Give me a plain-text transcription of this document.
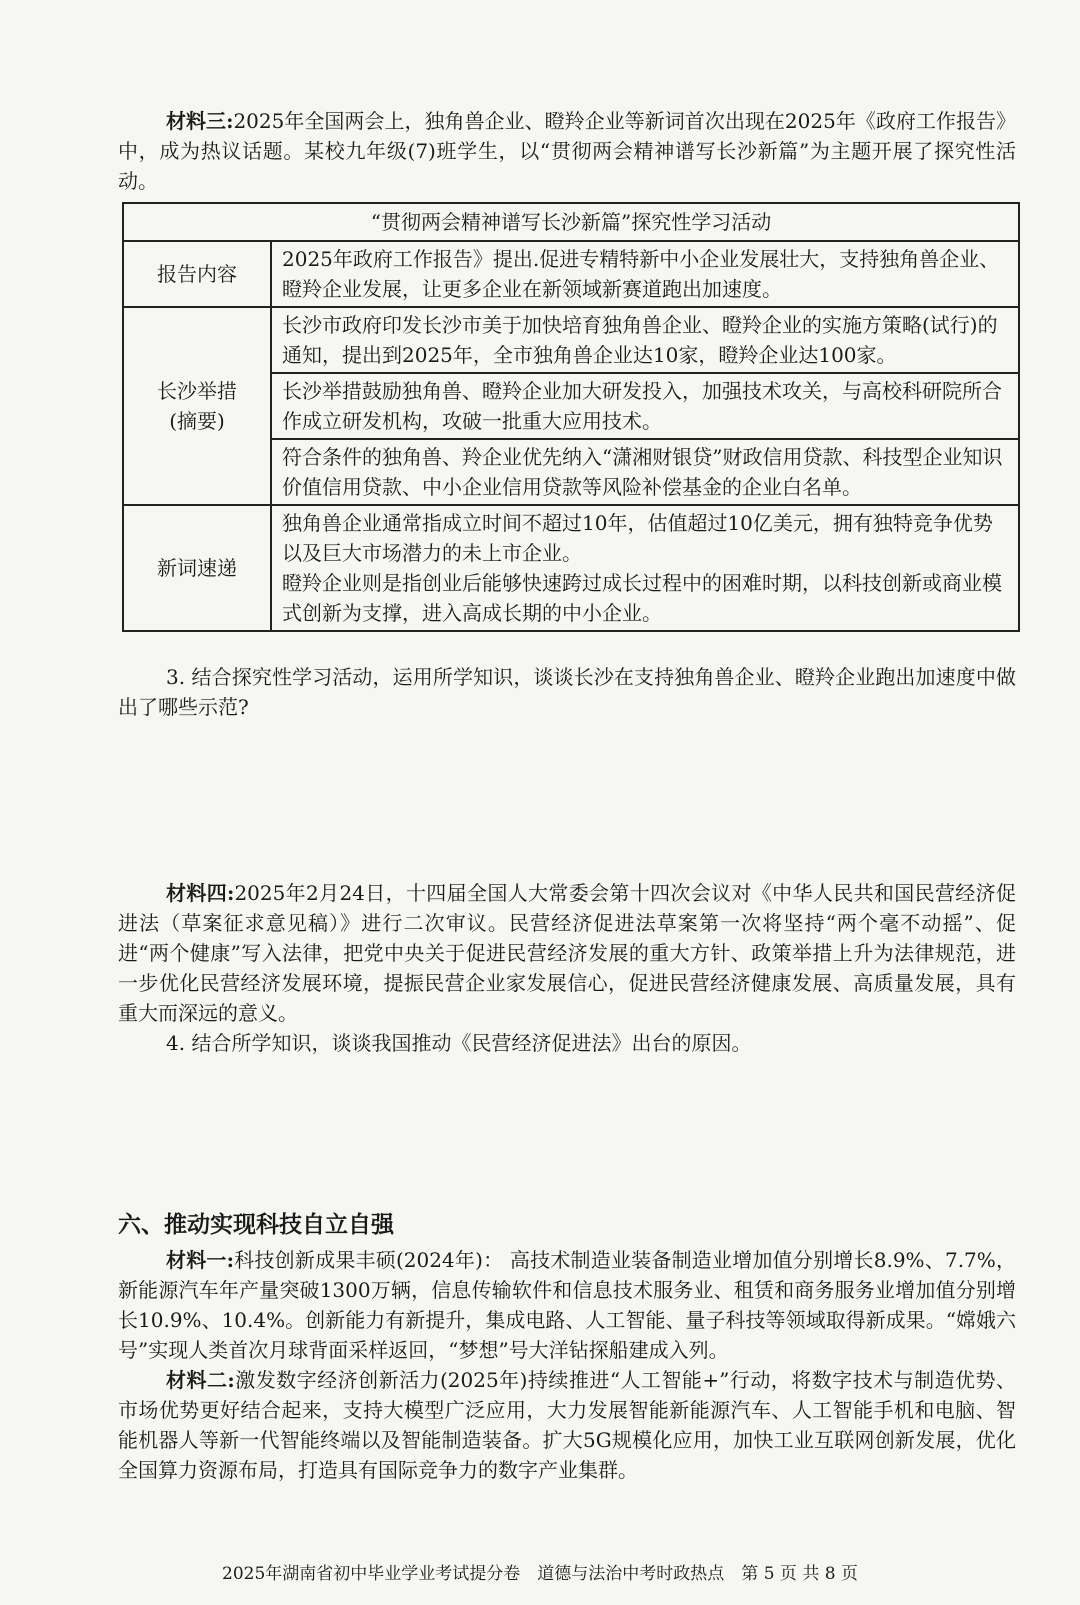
材料三:2025年全国两会上，独角兽企业、瞪羚企业等新词首次出现在2025年《政府工作报告》中，成为热议话题。某校九年级(7)班学生，以“贯彻两会精神谱写长沙新篇”为主题开展了探究性活动。

“贯彻两会精神谱写长沙新篇”探究性学习活动	
报告内容	2025年政府工作报告》提出.促进专精特新中小企业发展壮大，支持独角兽企业、瞪羚企业发展，让更多企业在新领域新赛道跑出加速度。
长沙举措
(摘要)	长沙市政府印发长沙市美于加快培育独角兽企业、瞪羚企业的实施方策略(试行)的通知，提出到2025年，全市独角兽企业达10家，瞪羚企业达100家。
	长沙举措鼓励独角兽、瞪羚企业加大研发投入，加强技术攻关，与高校科研院所合作成立研发机构，攻破一批重大应用技术。
	符合条件的独角兽、羚企业优先纳入“潇湘财银贷”财政信用贷款、科技型企业知识价值信用贷款、中小企业信用贷款等风险补偿基金的企业白名单。
新词速递	独角兽企业通常指成立时间不超过10年，估值超过10亿美元，拥有独特竞争优势以及巨大市场潜力的未上市企业。
瞪羚企业则是指创业后能够快速跨过成长过程中的困难时期，以科技创新或商业模式创新为支撑，进入高成长期的中小企业。

3. 结合探究性学习活动，运用所学知识，谈谈长沙在支持独角兽企业、瞪羚企业跑出加速度中做出了哪些示范?

材料四:2025年2月24日，十四届全国人大常委会第十四次会议对《中华人民共和国民营经济促进法（草案征求意见稿）》进行二次审议。民营经济促进法草案第一次将坚持“两个毫不动摇”、促进“两个健康”写入法律，把党中央关于促进民营经济发展的重大方针、政策举措上升为法律规范，进一步优化民营经济发展环境，提振民营企业家发展信心，促进民营经济健康发展、高质量发展，具有重大而深远的意义。

4. 结合所学知识，谈谈我国推动《民营经济促进法》出台的原因。

六、推动实现科技自立自强

材料一:科技创新成果丰硕(2024年)： 高技术制造业装备制造业增加值分别增长8.9%、7.7%，新能源汽车年产量突破1300万辆，信息传输软件和信息技术服务业、租赁和商务服务业增加值分别增长10.9%、10.4%。创新能力有新提升，集成电路、人工智能、量子科技等领域取得新成果。“嫦娥六号”实现人类首次月球背面采样返回，“梦想”号大洋钻探船建成入列。

材料二:激发数字经济创新活力(2025年)持续推进“人工智能+”行动，将数字技术与制造优势、市场优势更好结合起来，支持大模型广泛应用，大力发展智能新能源汽车、人工智能手机和电脑、智能机器人等新一代智能终端以及智能制造装备。扩大5G规模化应用，加快工业互联网创新发展，优化全国算力资源布局，打造具有国际竞争力的数字产业集群。

2025年湖南省初中毕业学业考试提分卷　道德与法治中考时政热点　第 5 页 共 8 页
